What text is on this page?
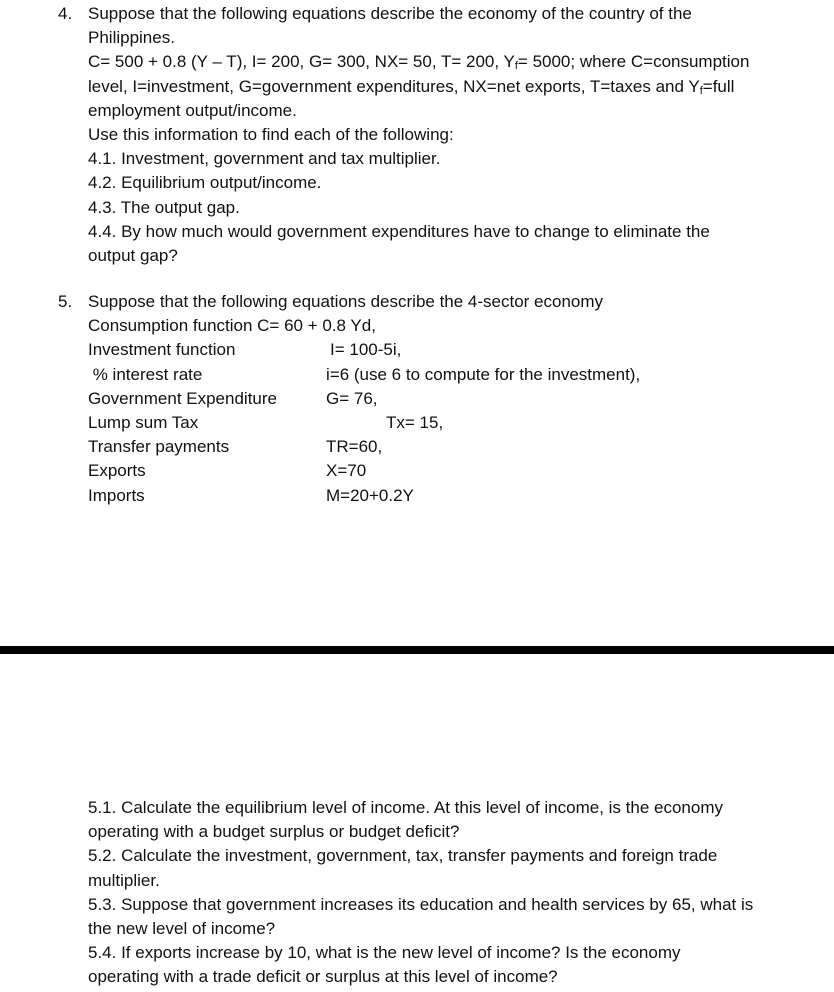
4. Suppose that the following equations describe the economy of the country of the
Philippines.
C= 500 + 0.8 (Y – T), I= 200, G= 300, NX= 50, T= 200, $Y_f= 5000$; where C=consumption
level, I=investment, G=government expenditures, NX=net exports, T=taxes and $Y_f=full$
employment output/income.
Use this information to find each of the following:
4.1. Investment, government and tax multiplier.
4.2. Equilibrium output/income.
4.3. The output gap.
4.4. By how much would government expenditures have to change to eliminate the
output gap?
5. Suppose that the following equations describe the 4-sector economy
Consumption function C= 60 + 0.8 Yd,
Investment function	I= 100-5i,
% interest rate	i=6 (use 6 to compute for the investment),
Government Expenditure	G= 76,
Lump sum Tax	Tx= 15,
Transfer payments	TR=60,
Exports	X=70
Imports	M=20+0.2Y
5.1. Calculate the equilibrium level of income. At this level of income, is the economy
operating with a budget surplus or budget deficit?
5.2. Calculate the investment, government, tax, transfer payments and foreign trade
multiplier.
5.3. Suppose that government increases its education and health services by 65, what is
the new level of income?
5.4. If exports increase by 10, what is the new level of income? Is the economy
operating with a trade deficit or surplus at this level of income?
